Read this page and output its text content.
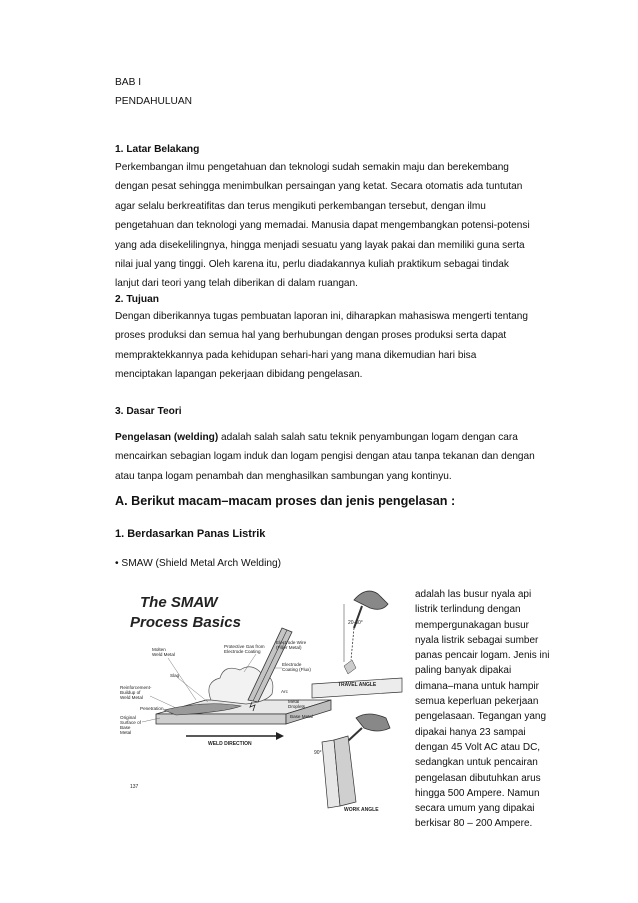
BAB I
PENDAHULUAN
1. Latar Belakang
Perkembangan ilmu pengetahuan dan teknologi sudah semakin maju dan berekembang
dengan pesat sehingga menimbulkan persaingan yang ketat. Secara otomatis ada tuntutan
agar selalu berkreatifitas dan terus mengikuti perkembangan tersebut, dengan ilmu
pengetahuan dan teknologi yang memadai. Manusia dapat mengembangkan potensi-potensi
yang ada disekelilingnya, hingga menjadi sesuatu yang layak pakai dan memiliki guna serta
nilai jual yang tinggi. Oleh karena itu, perlu diadakannya kuliah praktikum sebagai tindak
lanjut dari teori yang telah diberikan di dalam ruangan.
2. Tujuan
Dengan diberikannya tugas pembuatan laporan ini, diharapkan mahasiswa mengerti tentang
proses produksi dan semua hal yang berhubungan dengan proses produksi serta dapat
mempraktekkannya pada kehidupan sehari-hari yang mana dikemudian hari bisa
menciptakan lapangan pekerjaan dibidang pengelasan.
3. Dasar Teori
Pengelasan (welding) adalah salah salah satu teknik penyambungan logam dengan cara
mencairkan sebagian logam induk dan logam pengisi dengan atau tanpa tekanan dan dengan
atau tanpa logam penambah dan menghasilkan sambungan yang kontinyu.
A. Berikut macam–macam proses dan jenis pengelasan :
1. Berdasarkan Panas Listrik
• SMAW (Shield Metal Arch Welding)
The SMAW
Process Basics
Protective Gas from
Electrode Coating
Electrode Wire
(Filler Metal)
Electrode
Coating (Flux)
Molten
Weld Metal
Slag
Arc
Metal
Droplets
Reinforcement-
Buildup of
Weld Metal
Base Metal
Original
Surface of
Base
Metal
Penetration
WELD DIRECTION
137
20-30°
TRAVEL ANGLE
90°
WORK ANGLE
adalah las busur nyala api
listrik terlindung dengan
mempergunakagan busur
nyala listrik sebagai sumber
panas pencair logam. Jenis ini
paling banyak dipakai
dimana–mana untuk hampir
semua keperluan pekerjaan
pengelasaan. Tegangan yang
dipakai hanya 23 sampai
dengan 45 Volt AC atau DC,
sedangkan untuk pencairan
pengelasan dibutuhkan arus
hingga 500 Ampere. Namun
secara umum yang dipakai
berkisar 80 – 200 Ampere.
